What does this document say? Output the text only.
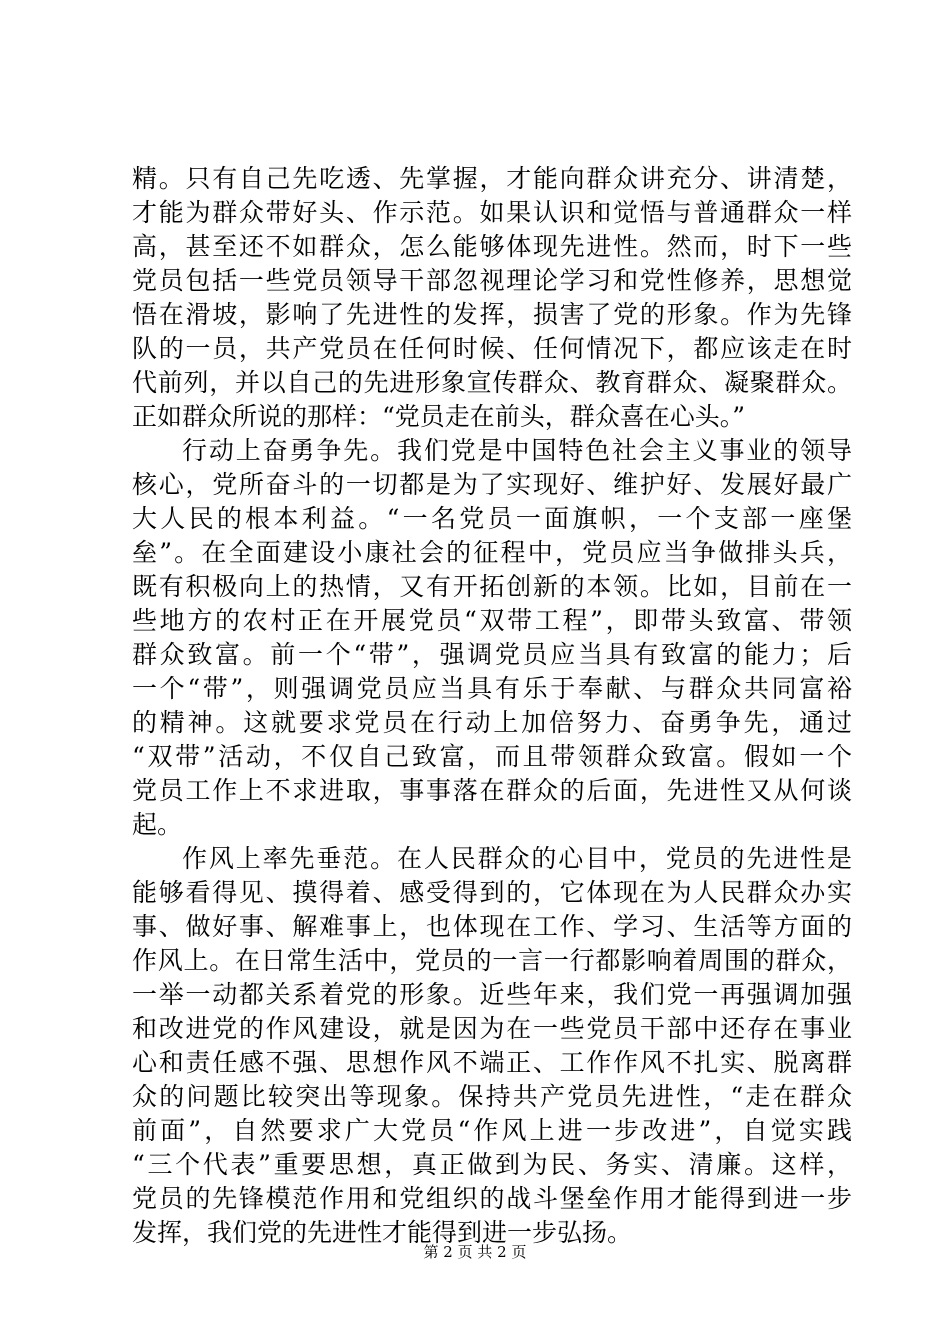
精。只有自己先吃透、先掌握，才能向群众讲充分、讲清楚，
才能为群众带好头、作示范。如果认识和觉悟与普通群众一样
高，甚至还不如群众，怎么能够体现先进性。然而，时下一些
党员包括一些党员领导干部忽视理论学习和党性修养，思想觉
悟在滑坡，影响了先进性的发挥，损害了党的形象。作为先锋
队的一员，共产党员在任何时候、任何情况下，都应该走在时
代前列，并以自己的先进形象宣传群众、教育群众、凝聚群众。
正如群众所说的那样：“党员走在前头，群众喜在心头。”
行动上奋勇争先。我们党是中国特色社会主义事业的领导
核心，党所奋斗的一切都是为了实现好、维护好、发展好最广
大人民的根本利益。“一名党员一面旗帜，一个支部一座堡
垒”。在全面建设小康社会的征程中，党员应当争做排头兵，
既有积极向上的热情，又有开拓创新的本领。比如，目前在一
些地方的农村正在开展党员“双带工程”，即带头致富、带领
群众致富。前一个“带”，强调党员应当具有致富的能力；后
一个“带”，则强调党员应当具有乐于奉献、与群众共同富裕
的精神。这就要求党员在行动上加倍努力、奋勇争先，通过
“双带”活动，不仅自己致富，而且带领群众致富。假如一个
党员工作上不求进取，事事落在群众的后面，先进性又从何谈
起。
作风上率先垂范。在人民群众的心目中，党员的先进性是
能够看得见、摸得着、感受得到的，它体现在为人民群众办实
事、做好事、解难事上，也体现在工作、学习、生活等方面的
作风上。在日常生活中，党员的一言一行都影响着周围的群众，
一举一动都关系着党的形象。近些年来，我们党一再强调加强
和改进党的作风建设，就是因为在一些党员干部中还存在事业
心和责任感不强、思想作风不端正、工作作风不扎实、脱离群
众的问题比较突出等现象。保持共产党员先进性，“走在群众
前面”，自然要求广大党员“作风上进一步改进”，自觉实践
“三个代表”重要思想，真正做到为民、务实、清廉。这样，
党员的先锋模范作用和党组织的战斗堡垒作用才能得到进一步
发挥，我们党的先进性才能得到进一步弘扬。
第 2 页 共 2 页
